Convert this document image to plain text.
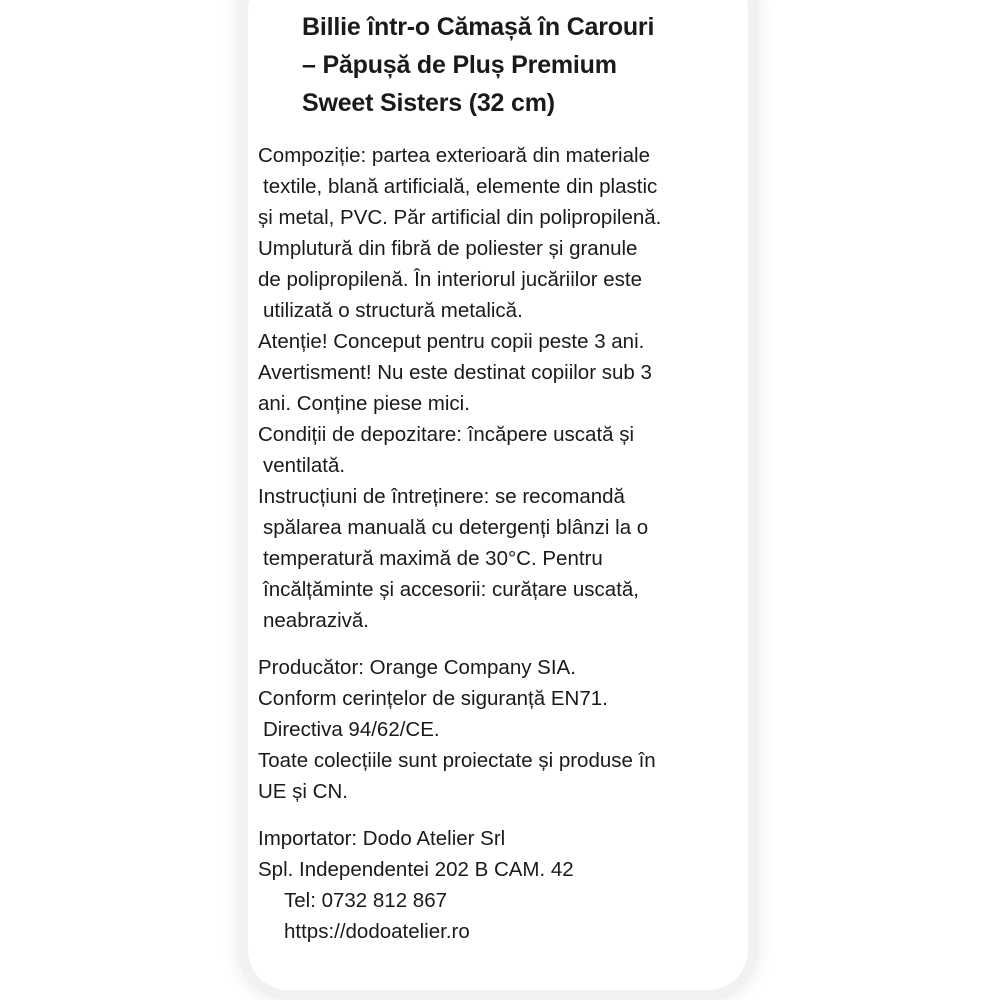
Billie într-o Cămașă în Carouri
– Păpușă de Pluș Premium
Sweet Sisters (32 cm)
Compoziție: partea exterioară din materiale
textile, blană artificială, elemente din plastic
și metal, PVC. Păr artificial din polipropilenă.
Umplutură din fibră de poliester și granule
de polipropilenă. În interiorul jucăriilor este
utilizată o structură metalică.
Atenție! Conceput pentru copii peste 3 ani.
Avertisment! Nu este destinat copiilor sub 3
ani. Conține piese mici.
Condiții de depozitare: încăpere uscată și
ventilată.
Instrucțiuni de întreținere: se recomandă
spălarea manuală cu detergenți blânzi la o
temperatură maximă de 30°C. Pentru
încălțăminte și accesorii: curățare uscată,
neabrazivă.
Producător: Orange Company SIA.
Conform cerințelor de siguranță EN71.
Directiva 94/62/CE.
Toate colecțiile sunt proiectate și produse în
UE și CN.
Importator: Dodo Atelier Srl
Spl. Independentei 202 B CAM. 42
Tel: 0732 812 867
https://dodoatelier.ro
